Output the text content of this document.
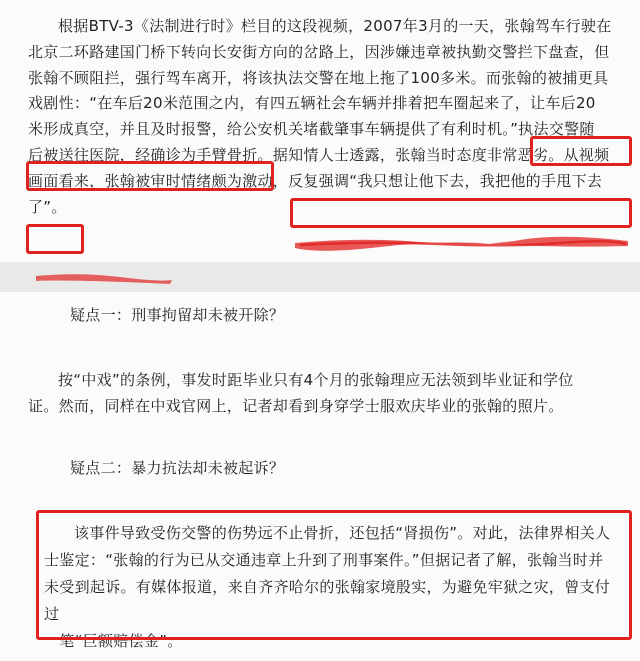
根据BTV-3《法制进行时》栏目的这段视频，2007年3月的一天，张翰驾车行驶在
北京二环路建国门桥下转向长安街方向的岔路上，因涉嫌违章被执勤交警拦下盘查，但
张翰不顾阻拦，强行驾车离开，将该执法交警在地上拖了100多米。而张翰的被捕更具
戏剧性：“在车后20米范围之内，有四五辆社会车辆并排着把车圈起来了，让车后20
米形成真空，并且及时报警，给公安机关堵截肇事车辆提供了有利时机。”执法交警随
后被送往医院，经确诊为手臂骨折。据知情人士透露，张翰当时态度非常恶劣。从视频
画面看来，张翰被审时情绪颇为激动，反复强调“我只想让他下去，我把他的手甩下去
了”。
疑点一：刑事拘留却未被开除？
按“中戏”的条例，事发时距毕业只有4个月的张翰理应无法领到毕业证和学位
证。然而，同样在中戏官网上，记者却看到身穿学士服欢庆毕业的张翰的照片。
疑点二：暴力抗法却未被起诉？
该事件导致受伤交警的伤势远不止骨折，还包括“肾损伤”。对此，法律界相关人
士鉴定：“张翰的行为已从交通违章上升到了刑事案件。”但据记者了解，张翰当时并
未受到起诉。有媒体报道，来自齐齐哈尔的张翰家境殷实，为避免牢狱之灾，曾支付过
一笔“巨额赔偿金”。
